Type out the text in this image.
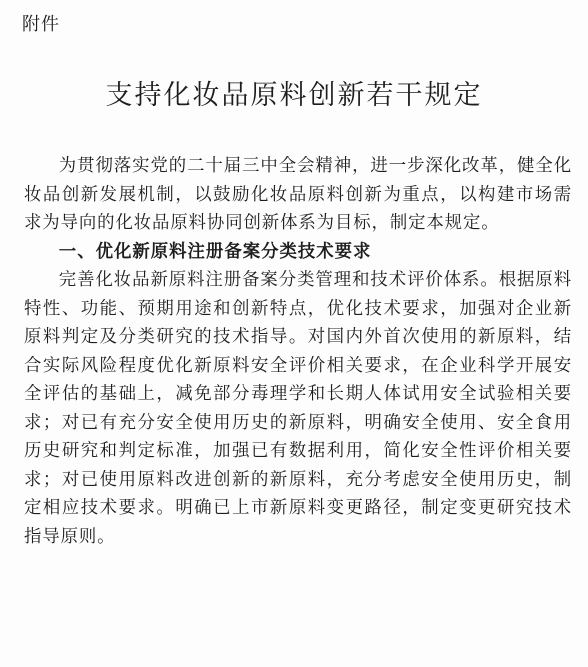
附件
支持化妆品原料创新若干规定

为贯彻落实党的二十届三中全会精神，进一步深化改革，健全化妆品创新发展机制，以鼓励化妆品原料创新为重点，以构建市场需求为导向的化妆品原料协同创新体系为目标，制定本规定。

一、优化新原料注册备案分类技术要求

完善化妆品新原料注册备案分类管理和技术评价体系。根据原料特性、功能、预期用途和创新特点，优化技术要求，加强对企业新原料判定及分类研究的技术指导。对国内外首次使用的新原料，结合实际风险程度优化新原料安全评价相关要求，在企业科学开展安全评估的基础上，减免部分毒理学和长期人体试用安全试验相关要求；对已有充分安全使用历史的新原料，明确安全使用、安全食用历史研究和判定标准，加强已有数据利用，简化安全性评价相关要求；对已使用原料改进创新的新原料，充分考虑安全使用历史，制定相应技术要求。明确已上市新原料变更路径，制定变更研究技术指导原则。
